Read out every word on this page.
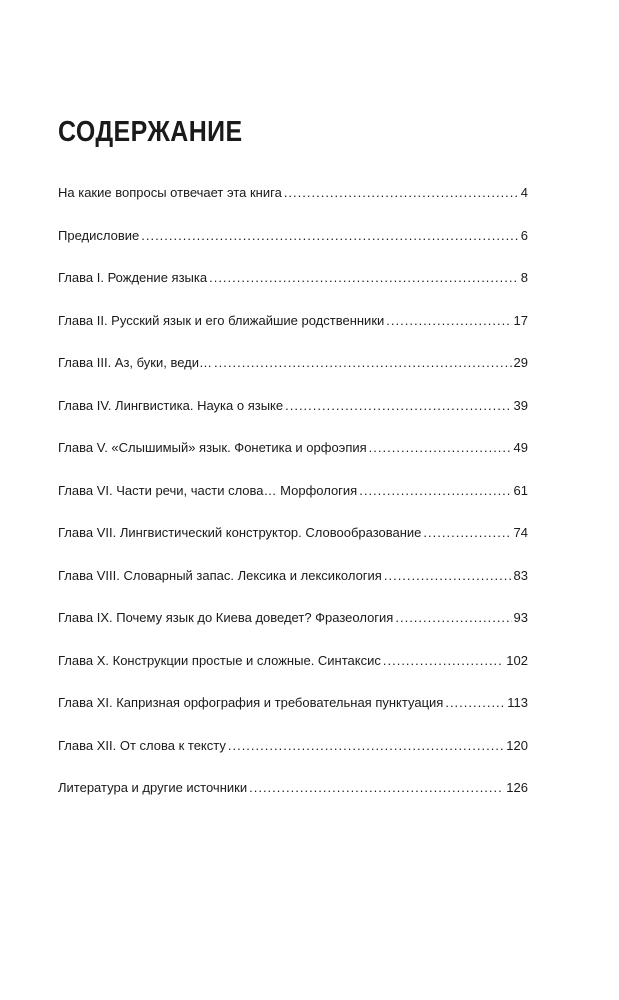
СОДЕРЖАНИЕ
На какие вопросы отвечает эта книга .....	4
Предисловие .....	6
Глава I. Рождение языка .....	8
Глава II. Русский язык и его ближайшие родственники .....	17
Глава III. Аз, буки, веди… .....	29
Глава IV. Лингвистика. Наука о языке .....	39
Глава V. «Слышимый» язык. Фонетика и орфоэпия .....	49
Глава VI. Части речи, части слова… Морфология .....	61
Глава VII. Лингвистический конструктор. Словообразование .....	74
Глава VIII. Словарный запас. Лексика и лексикология .....	83
Глава IX. Почему язык до Киева доведет? Фразеология .....	93
Глава X. Конструкции простые и сложные. Синтаксис .....	102
Глава XI. Капризная орфография и требовательная пунктуация .....	113
Глава XII. От слова к тексту .....	120
Литература и другие источники .....	126
